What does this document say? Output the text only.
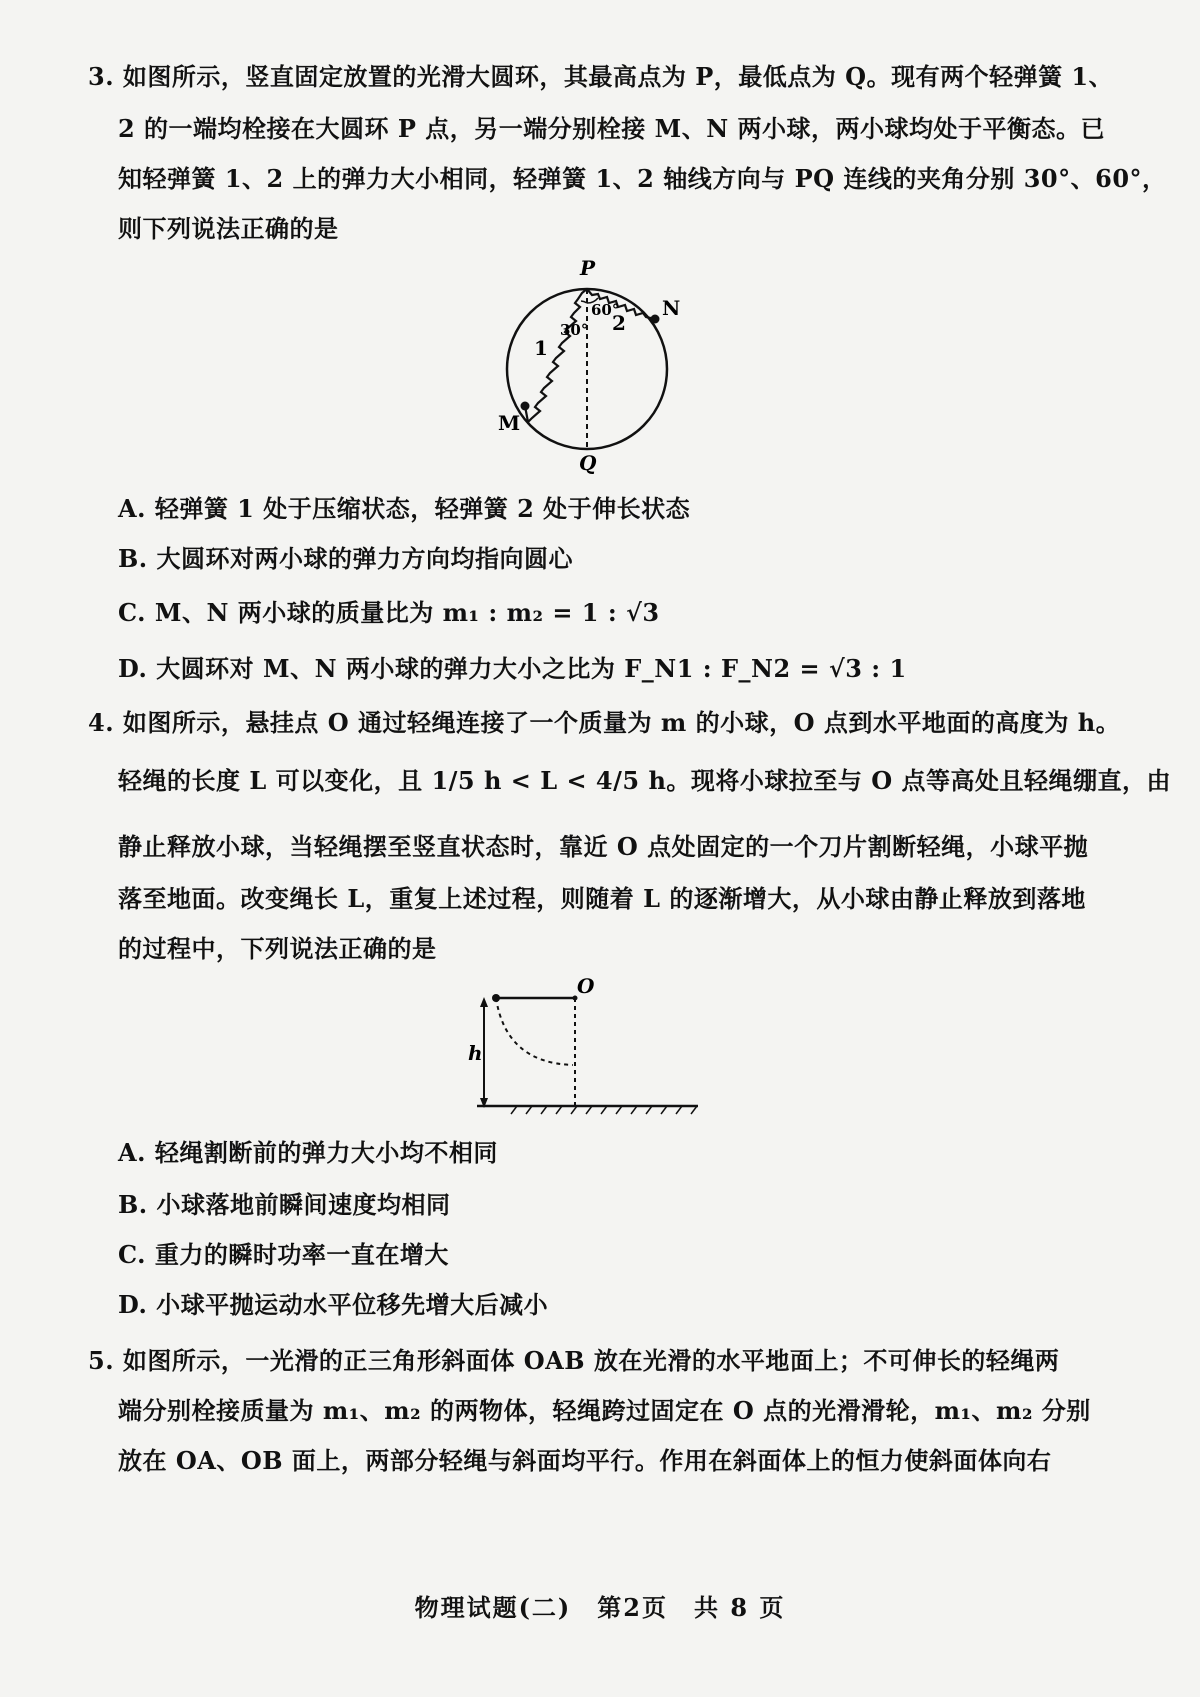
3. 如图所示，竖直固定放置的光滑大圆环，其最高点为 P，最低点为 Q。现有两个轻弹簧 1、
2 的一端均栓接在大圆环 P 点，另一端分别栓接 M、N 两小球，两小球均处于平衡态。已
知轻弹簧 1、2 上的弹力大小相同，轻弹簧 1、2 轴线方向与 PQ 连线的夹角分别 30°、60°，
则下列说法正确的是
P
Q
M
N
1
2
30°
60°
A. 轻弹簧 1 处于压缩状态，轻弹簧 2 处于伸长状态
B. 大圆环对两小球的弹力方向均指向圆心
C. M、N 两小球的质量比为 m₁ : m₂ = 1 : √3
D. 大圆环对 M、N 两小球的弹力大小之比为 F_N1 : F_N2 = √3 : 1
4. 如图所示，悬挂点 O 通过轻绳连接了一个质量为 m 的小球，O 点到水平地面的高度为 h。
轻绳的长度 L 可以变化，且 1/5 h < L < 4/5 h。现将小球拉至与 O 点等高处且轻绳绷直，由
静止释放小球，当轻绳摆至竖直状态时，靠近 O 点处固定的一个刀片割断轻绳，小球平抛
落至地面。改变绳长 L，重复上述过程，则随着 L 的逐渐增大，从小球由静止释放到落地
的过程中，下列说法正确的是
O
h
A. 轻绳割断前的弹力大小均不相同
B. 小球落地前瞬间速度均相同
C. 重力的瞬时功率一直在增大
D. 小球平抛运动水平位移先增大后减小
5. 如图所示，一光滑的正三角形斜面体 OAB 放在光滑的水平地面上；不可伸长的轻绳两
端分别栓接质量为 m₁、m₂ 的两物体，轻绳跨过固定在 O 点的光滑滑轮，m₁、m₂ 分别
放在 OA、OB 面上，两部分轻绳与斜面均平行。作用在斜面体上的恒力使斜面体向右
物理试题(二)　第2页　共 8 页
